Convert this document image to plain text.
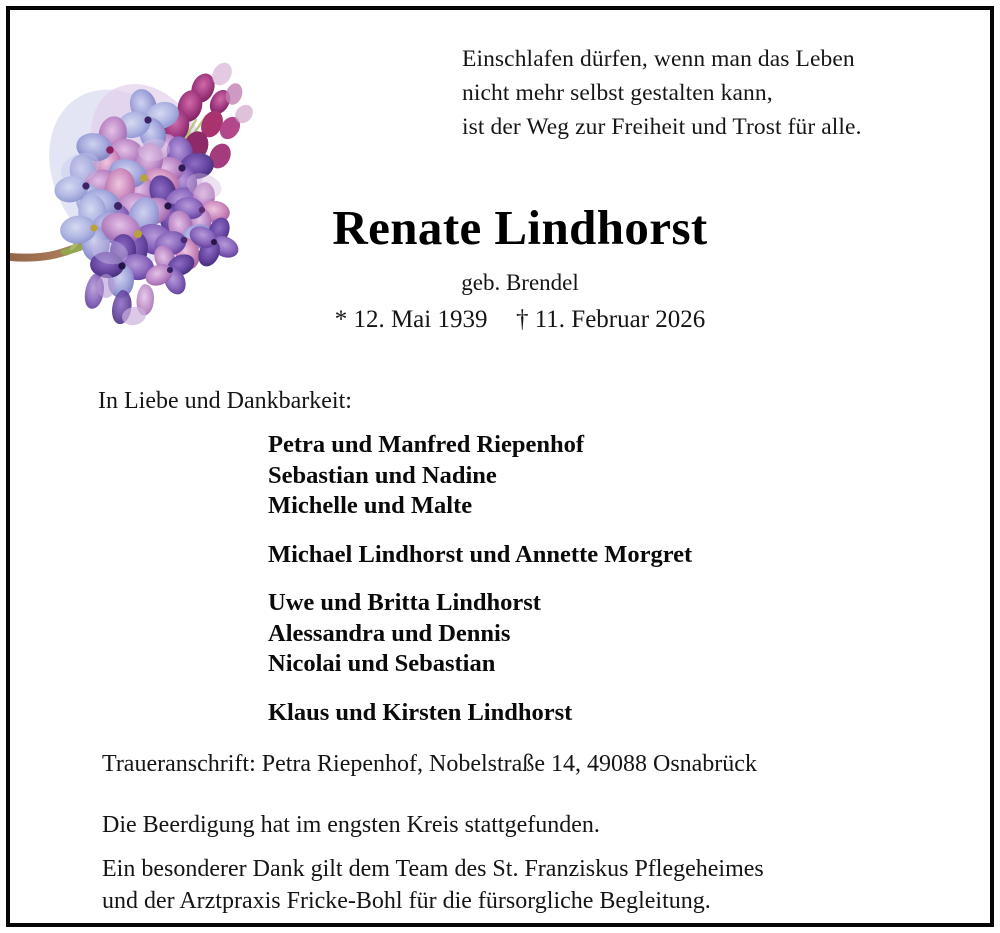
Einschlafen dürfen, wenn man das Leben
nicht mehr selbst gestalten kann,
ist der Weg zur Freiheit und Trost für alle.
Renate Lindhorst
geb. Brendel
* 12. Mai 1939 † 11. Februar 2026
In Liebe und Dankbarkeit:
Petra und Manfred Riepenhof
Sebastian und Nadine
Michelle und Malte
Michael Lindhorst und Annette Morgret
Uwe und Britta Lindhorst
Alessandra und Dennis
Nicolai und Sebastian
Klaus und Kirsten Lindhorst
Traueranschrift: Petra Riepenhof, Nobelstraße 14, 49088 Osnabrück
Die Beerdigung hat im engsten Kreis stattgefunden.
Ein besonderer Dank gilt dem Team des St. Franziskus Pflegeheimes
und der Arztpraxis Fricke-Bohl für die fürsorgliche Begleitung.
